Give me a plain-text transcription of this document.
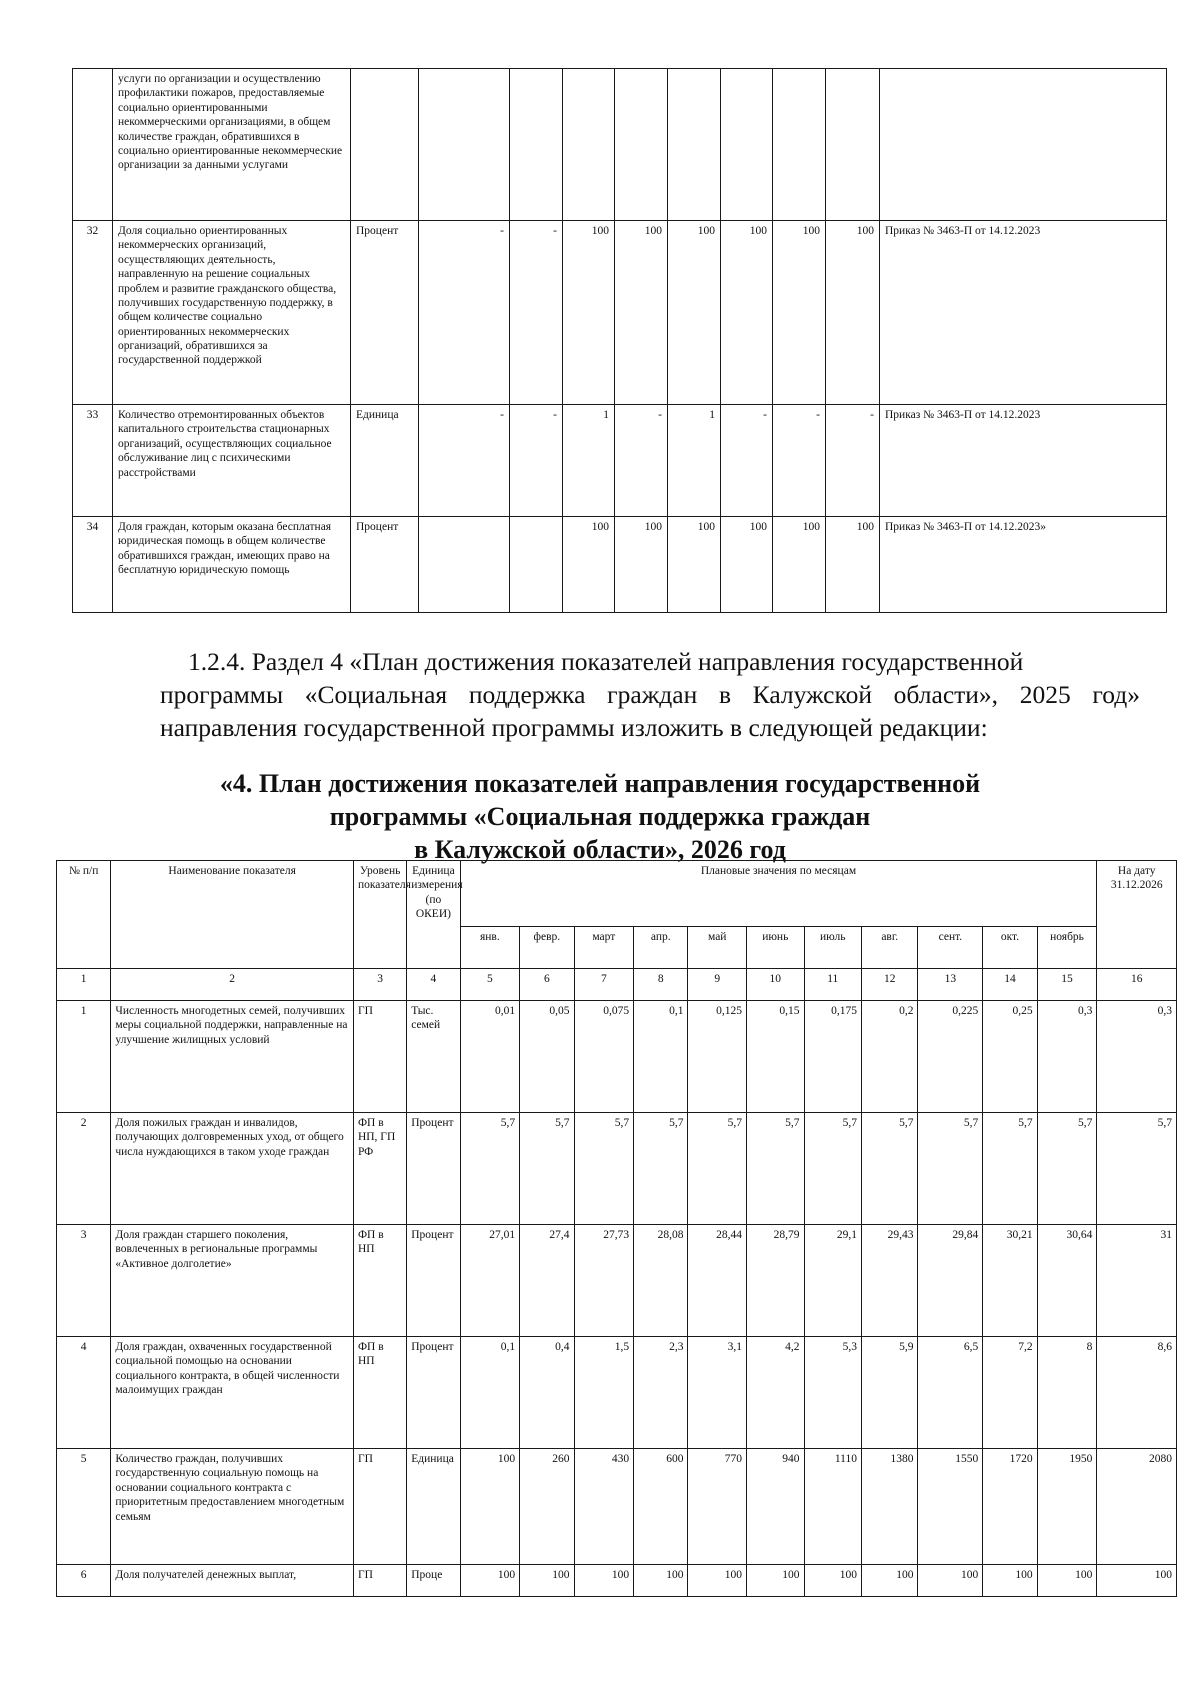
	услуги по организации и осуществлению профилактики пожаров, предоставляемые социально ориентированными некоммерческими организациями, в общем количестве граждан, обратившихся в социально ориентированные некоммерческие организации за данными услугами										
32	Доля социально ориентированных некоммерческих организаций, осуществляющих деятельность, направленную на решение социальных проблем и развитие гражданского общества, получивших государственную поддержку, в общем количестве социально ориентированных некоммерческих организаций, обратившихся за государственной поддержкой	Процент	-	-	100	100	100	100	100	100	Приказ № 3463-П от 14.12.2023
33	Количество отремонтированных объектов капитального строительства стационарных организаций, осуществляющих социальное обслуживание лиц с психическими расстройствами	Единица	-	-	1	-	1	-	-	-	Приказ № 3463-П от 14.12.2023
34	Доля граждан, которым оказана бесплатная юридическая помощь в общем количестве обратившихся граждан, имеющих право на бесплатную юридическую помощь	Процент			100	100	100	100	100	100	Приказ № 3463-П от 14.12.2023»
1.2.4. Раздел 4 «План достижения показателей направления государственной
программы «Социальная поддержка граждан в Калужской области», 2025 год»
направления государственной программы изложить в следующей редакции:
«4. План достижения показателей направления государственной
программы «Социальная поддержка граждан
в Калужской области», 2026 год
№ п/п	Наименование показателя	Уровень показателя	Единица измерения (по ОКЕИ)	Плановые значения по месяцам											На дату 31.12.2026
				янв.	февр.	март	апр.	май	июнь	июль	авг.	сент.	окт.	ноябрь	
1	2	3	4	5	6	7	8	9	10	11	12	13	14	15	16
1	Численность многодетных семей, получивших меры социальной поддержки, направленные на улучшение жилищных условий	ГП	Тыс. семей	0,01	0,05	0,075	0,1	0,125	0,15	0,175	0,2	0,225	0,25	0,3	0,3
2	Доля пожилых граждан и инвалидов, получающих долговременных уход, от общего числа нуждающихся в таком уходе граждан	ФП в НП, ГП РФ	Процент	5,7	5,7	5,7	5,7	5,7	5,7	5,7	5,7	5,7	5,7	5,7	5,7
3	Доля граждан старшего поколения, вовлеченных в региональные программы «Активное долголетие»	ФП в НП	Процент	27,01	27,4	27,73	28,08	28,44	28,79	29,1	29,43	29,84	30,21	30,64	31
4	Доля граждан, охваченных государственной социальной помощью на основании социального контракта, в общей численности малоимущих граждан	ФП в НП	Процент	0,1	0,4	1,5	2,3	3,1	4,2	5,3	5,9	6,5	7,2	8	8,6
5	Количество граждан, получивших государственную социальную помощь на основании социального контракта с приоритетным предоставлением многодетным семьям	ГП	Единица	100	260	430	600	770	940	1110	1380	1550	1720	1950	2080
6	Доля получателей денежных выплат,	ГП	Проце	100	100	100	100	100	100	100	100	100	100	100	100
